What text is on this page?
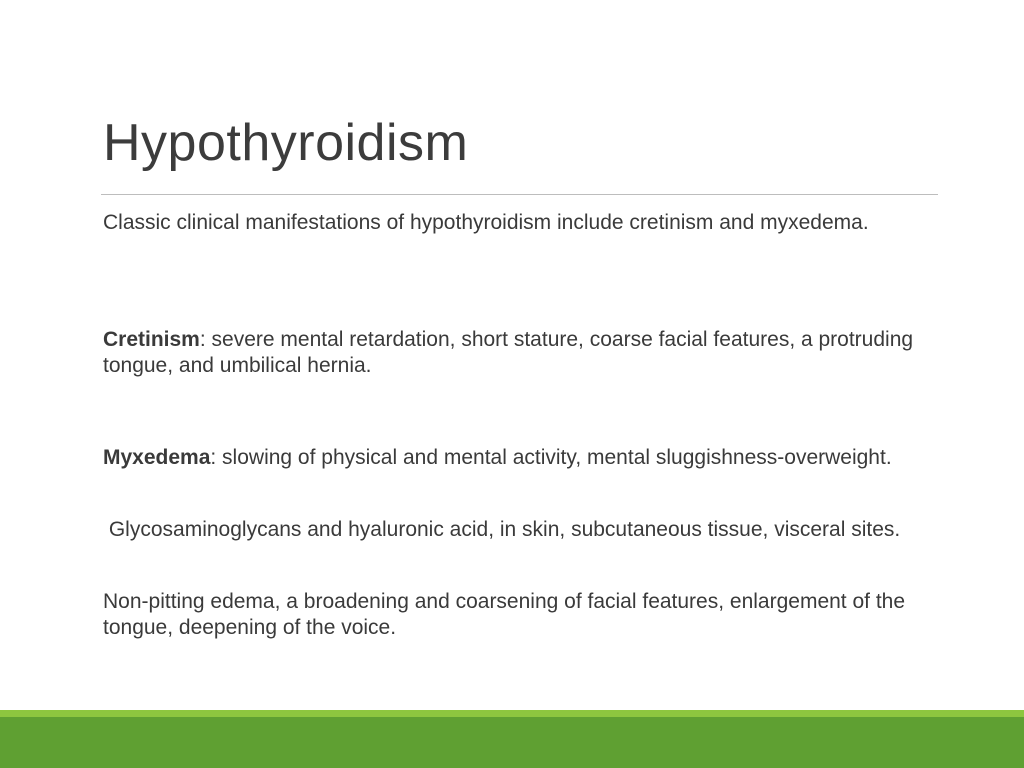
Hypothyroidism

Classic clinical manifestations of hypothyroidism include cretinism and myxedema.

Cretinism: severe mental retardation, short stature, coarse facial features, a protruding tongue, and umbilical hernia.

Myxedema: slowing of physical and mental activity, mental sluggishness-overweight.

Glycosaminoglycans and hyaluronic acid, in skin, subcutaneous tissue, visceral sites.

Non-pitting edema, a broadening and coarsening of facial features, enlargement of the tongue, deepening of the voice.
